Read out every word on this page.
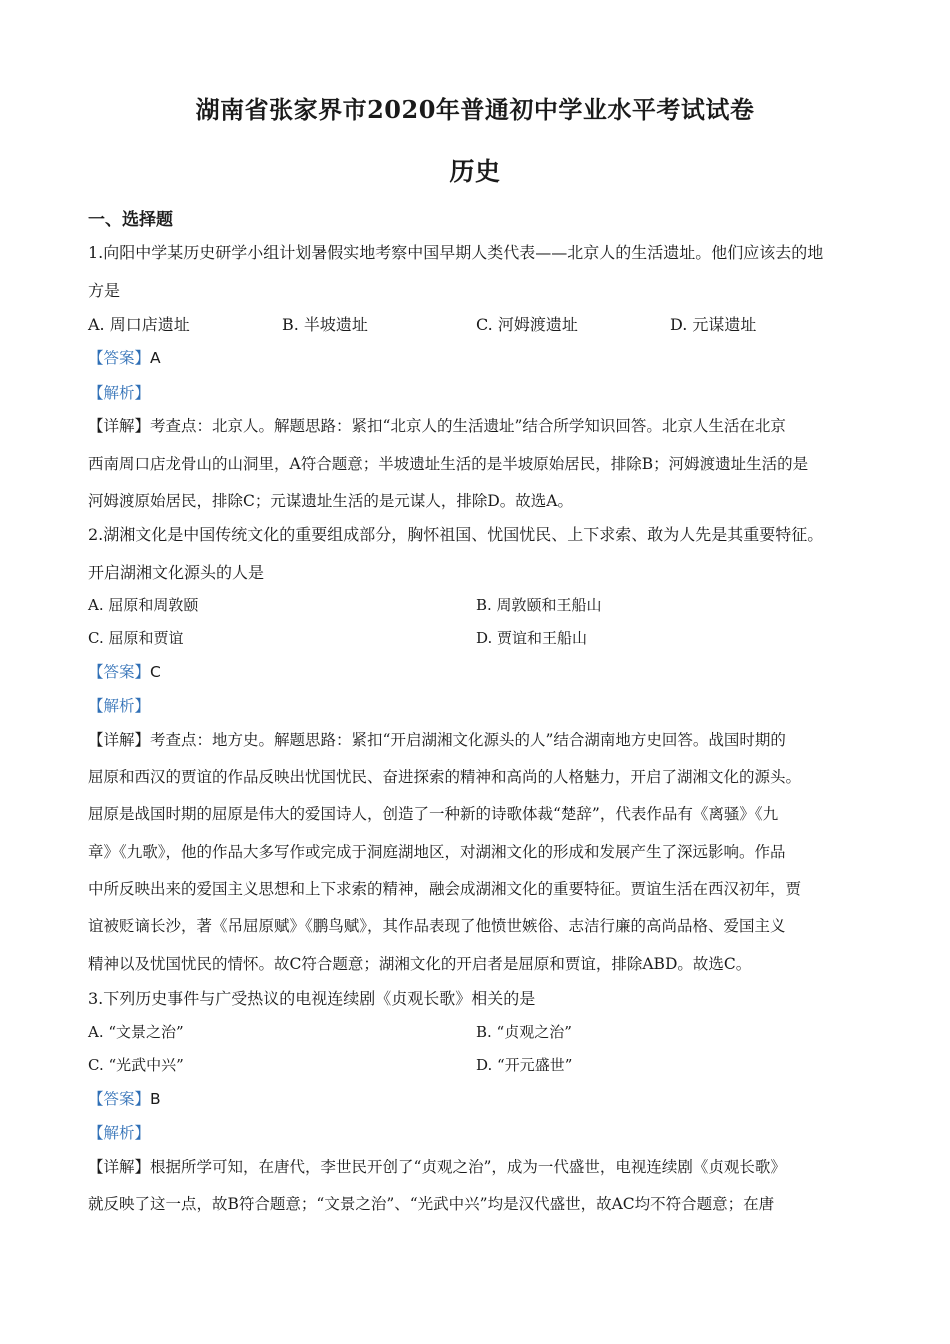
湖南省张家界市2020年普通初中学业水平考试试卷
历史
一、选择题
1.向阳中学某历史研学小组计划暑假实地考察中国早期人类代表——北京人的生活遗址。他们应该去的地
方是
A. 周口店遗址	B. 半坡遗址	C. 河姆渡遗址	D. 元谋遗址
【答案】A
【解析】
【详解】考查点：北京人。解题思路：紧扣“北京人的生活遗址”结合所学知识回答。北京人生活在北京
西南周口店龙骨山的山洞里，A符合题意；半坡遗址生活的是半坡原始居民，排除B；河姆渡遗址生活的是
河姆渡原始居民，排除C；元谋遗址生活的是元谋人，排除D。故选A。
2.湖湘文化是中国传统文化的重要组成部分，胸怀祖国、忧国忧民、上下求索、敢为人先是其重要特征。
开启湖湘文化源头的人是
A. 屈原和周敦颐	B. 周敦颐和王船山
C. 屈原和贾谊	D. 贾谊和王船山
【答案】C
【解析】
【详解】考查点：地方史。解题思路：紧扣“开启湖湘文化源头的人”结合湖南地方史回答。战国时期的
屈原和西汉的贾谊的作品反映出忧国忧民、奋进探索的精神和高尚的人格魅力，开启了湖湘文化的源头。
屈原是战国时期的屈原是伟大的爱国诗人，创造了一种新的诗歌体裁“楚辞”，代表作品有《离骚》《九
章》《九歌》，他的作品大多写作或完成于洞庭湖地区，对湖湘文化的形成和发展产生了深远影响。作品
中所反映出来的爱国主义思想和上下求索的精神，融会成湖湘文化的重要特征。贾谊生活在西汉初年，贾
谊被贬谪长沙，著《吊屈原赋》《鹏鸟赋》，其作品表现了他愤世嫉俗、志洁行廉的高尚品格、爱国主义
精神以及忧国忧民的情怀。故C符合题意；湖湘文化的开启者是屈原和贾谊，排除ABD。故选C。
3.下列历史事件与广受热议的电视连续剧《贞观长歌》相关的是
A. “文景之治”	B. “贞观之治”
C. “光武中兴”	D. “开元盛世”
【答案】B
【解析】
【详解】根据所学可知，在唐代，李世民开创了“贞观之治”，成为一代盛世，电视连续剧《贞观长歌》
就反映了这一点，故B符合题意；“文景之治”、“光武中兴”均是汉代盛世，故AC均不符合题意；在唐
